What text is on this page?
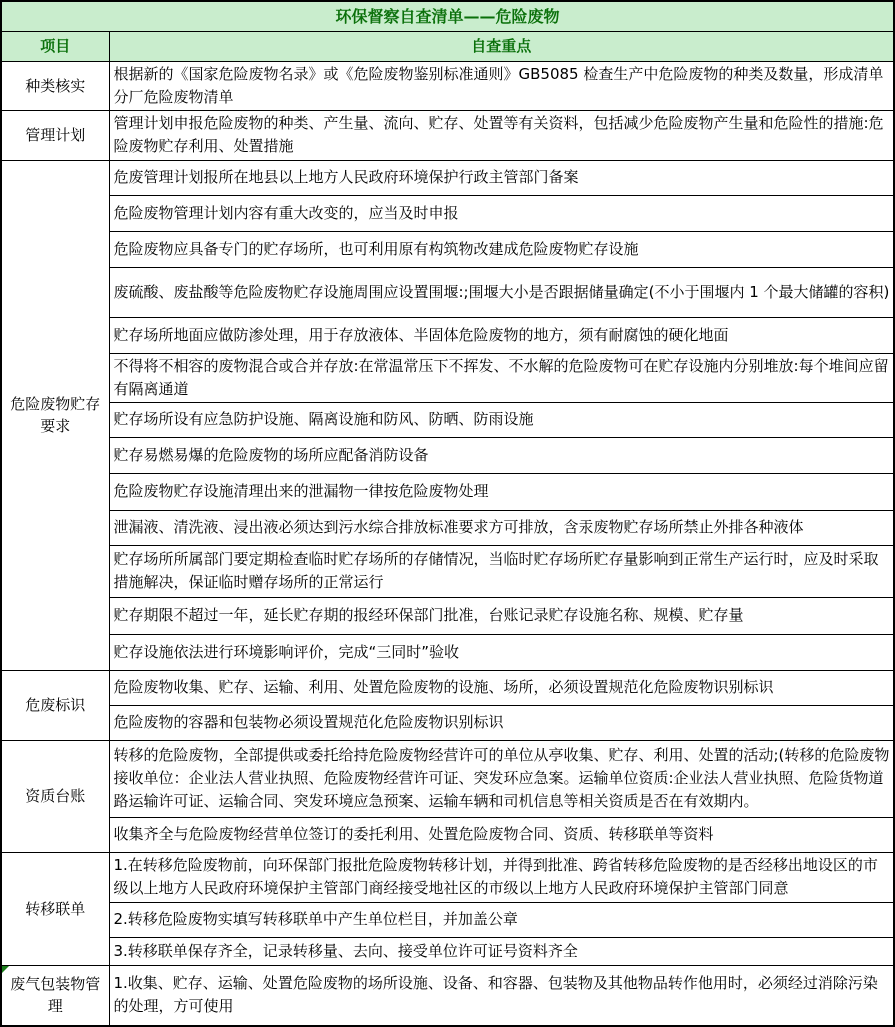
环保督察自查清单——危险废物	
项目	自查重点
种类核实	根据新的《国家危险废物名录》或《危险废物鉴别标准通则》GB5085 检查生产中危险废物的种类及数量，形成清单分厂危险废物清单
管理计划	管理计划申报危险废物的种类、产生量、流向、贮存、处置等有关资料，包括减少危险废物产生量和危险性的措施:危险废物贮存利用、处置措施
危险废物贮存要求	危废管理计划报所在地县以上地方人民政府环境保护行政主管部门备案
	危险废物管理计划内容有重大改变的，应当及时申报
	危险废物应具备专门的贮存场所，也可利用原有构筑物改建成危险废物贮存设施
	废硫酸、废盐酸等危险废物贮存设施周围应设置围堰:;围堰大小是否跟据储量确定(不小于围堰内 1 个最大储罐的容积)
	贮存场所地面应做防渗处理，用于存放液体、半固体危险废物的地方，须有耐腐蚀的硬化地面
	不得将不相容的废物混合或合并存放:在常温常压下不挥发、不水解的危险废物可在贮存设施内分别堆放:每个堆间应留有隔离通道
	贮存场所设有应急防护设施、隔离设施和防风、防晒、防雨设施
	贮存易燃易爆的危险废物的场所应配备消防设备
	危险废物贮存设施清理出来的泄漏物一律按危险废物处理
	泄漏液、清洗液、浸出液必须达到污水综合排放标准要求方可排放，含汞废物贮存场所禁止外排各种液体
	贮存场所所属部门要定期检查临时贮存场所的存储情况，当临时贮存场所贮存量影响到正常生产运行时，应及时采取措施解决，保证临时赠存场所的正常运行
	贮存期限不超过一年，延长贮存期的报经环保部门批准，台账记录贮存设施名称、规模、贮存量
	贮存设施依法进行环境影响评价，完成“三同时”验收
危废标识	危险废物收集、贮存、运输、利用、处置危险废物的设施、场所，必须设置规范化危险废物识别标识
	危险废物的容器和包装物必须设置规范化危险废物识别标识
资质台账	转移的危险废物，全部提供或委托给持危险废物经营许可的单位从亭收集、贮存、利用、处置的活动;(转移的危险废物接收单位：企业法人营业执照、危险废物经营许可证、突发环应急案。运输单位资质:企业法人营业执照、危险货物道路运输许可证、运输合同、突发环境应急预案、运输车辆和司机信息等相关资质是否在有效期内。
	收集齐全与危险废物经营单位签订的委托利用、处置危险废物合同、资质、转移联单等资料
转移联单	1.在转移危险废物前，向环保部门报批危险废物转移计划，并得到批准、跨省转移危险废物的是否经移出地设区的市级以上地方人民政府环境保护主管部门商经接受地社区的市级以上地方人民政府环境保护主管部门同意
	2.转移危险废物实填写转移联单中产生单位栏目，并加盖公章
	3.转移联单保存齐全，记录转移量、去向、接受单位许可证号资料齐全

废气包装物管理	1.收集、贮存、运输、处置危险废物的场所设施、设备、和容器、包装物及其他物品转作他用时，必须经过消除污染的处理，方可使用
